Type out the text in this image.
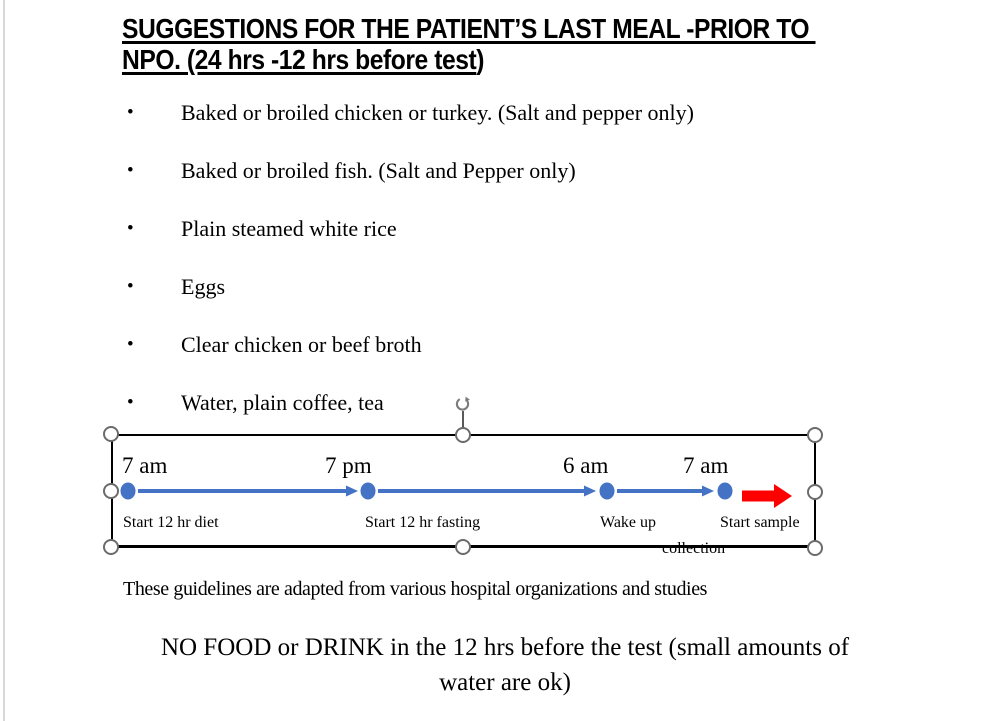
SUGGESTIONS FOR THE PATIENT’S LAST MEAL -PRIOR TO
NPO. (24 hrs -12 hrs before test)
• Baked or broiled chicken or turkey. (Salt and pepper only)
• Baked or broiled fish. (Salt and Pepper only)
• Plain steamed white rice
• Eggs
• Clear chicken or beef broth
• Water, plain coffee, tea
7 am	7 pm	6 am	7 am
Start 12 hr diet	Start 12 hr fasting	Wake up	Start sample
collection
These guidelines are adapted from various hospital organizations and studies
NO FOOD or DRINK in the 12 hrs before the test (small amounts of
water are ok)
